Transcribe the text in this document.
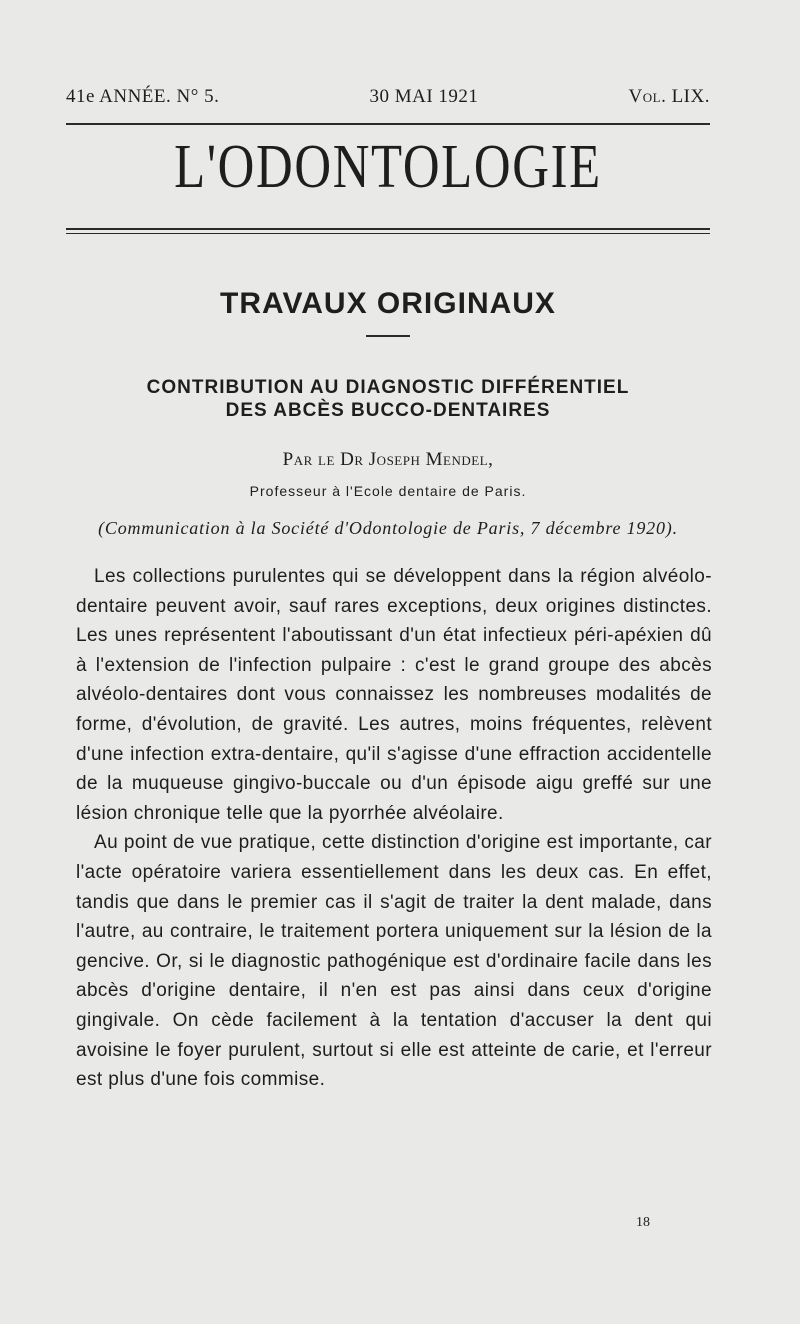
41e ANNÉE. N° 5.	30 MAI 1921	Vol. LIX.
L'ODONTOLOGIE
TRAVAUX ORIGINAUX
CONTRIBUTION AU DIAGNOSTIC DIFFÉRENTIEL
DES ABCÈS BUCCO-DENTAIRES
Par le Dr Joseph Mendel,
Professeur à l'Ecole dentaire de Paris.
(Communication à la Société d'Odontologie de Paris, 7 décembre 1920).

Les collections purulentes qui se développent dans la région alvéolo-dentaire peuvent avoir, sauf rares exceptions, deux origines distinctes. Les unes représentent l'aboutissant d'un état infectieux péri-apéxien dû à l'extension de l'infection pulpaire : c'est le grand groupe des abcès alvéolo-dentaires dont vous connaissez les nombreuses modalités de forme, d'évolution, de gravité. Les autres, moins fréquentes, relèvent d'une infection extra-dentaire, qu'il s'agisse d'une effraction accidentelle de la muqueuse gingivo-buccale ou d'un épisode aigu greffé sur une lésion chronique telle que la pyorrhée alvéolaire.

Au point de vue pratique, cette distinction d'origine est importante, car l'acte opératoire variera essentiellement dans les deux cas. En effet, tandis que dans le premier cas il s'agit de traiter la dent malade, dans l'autre, au contraire, le traitement portera uniquement sur la lésion de la gencive. Or, si le diagnostic pathogénique est d'ordinaire facile dans les abcès d'origine dentaire, il n'en est pas ainsi dans ceux d'origine gingivale. On cède facilement à la tentation d'accuser la dent qui avoisine le foyer purulent, surtout si elle est atteinte de carie, et l'erreur est plus d'une fois commise.

18
